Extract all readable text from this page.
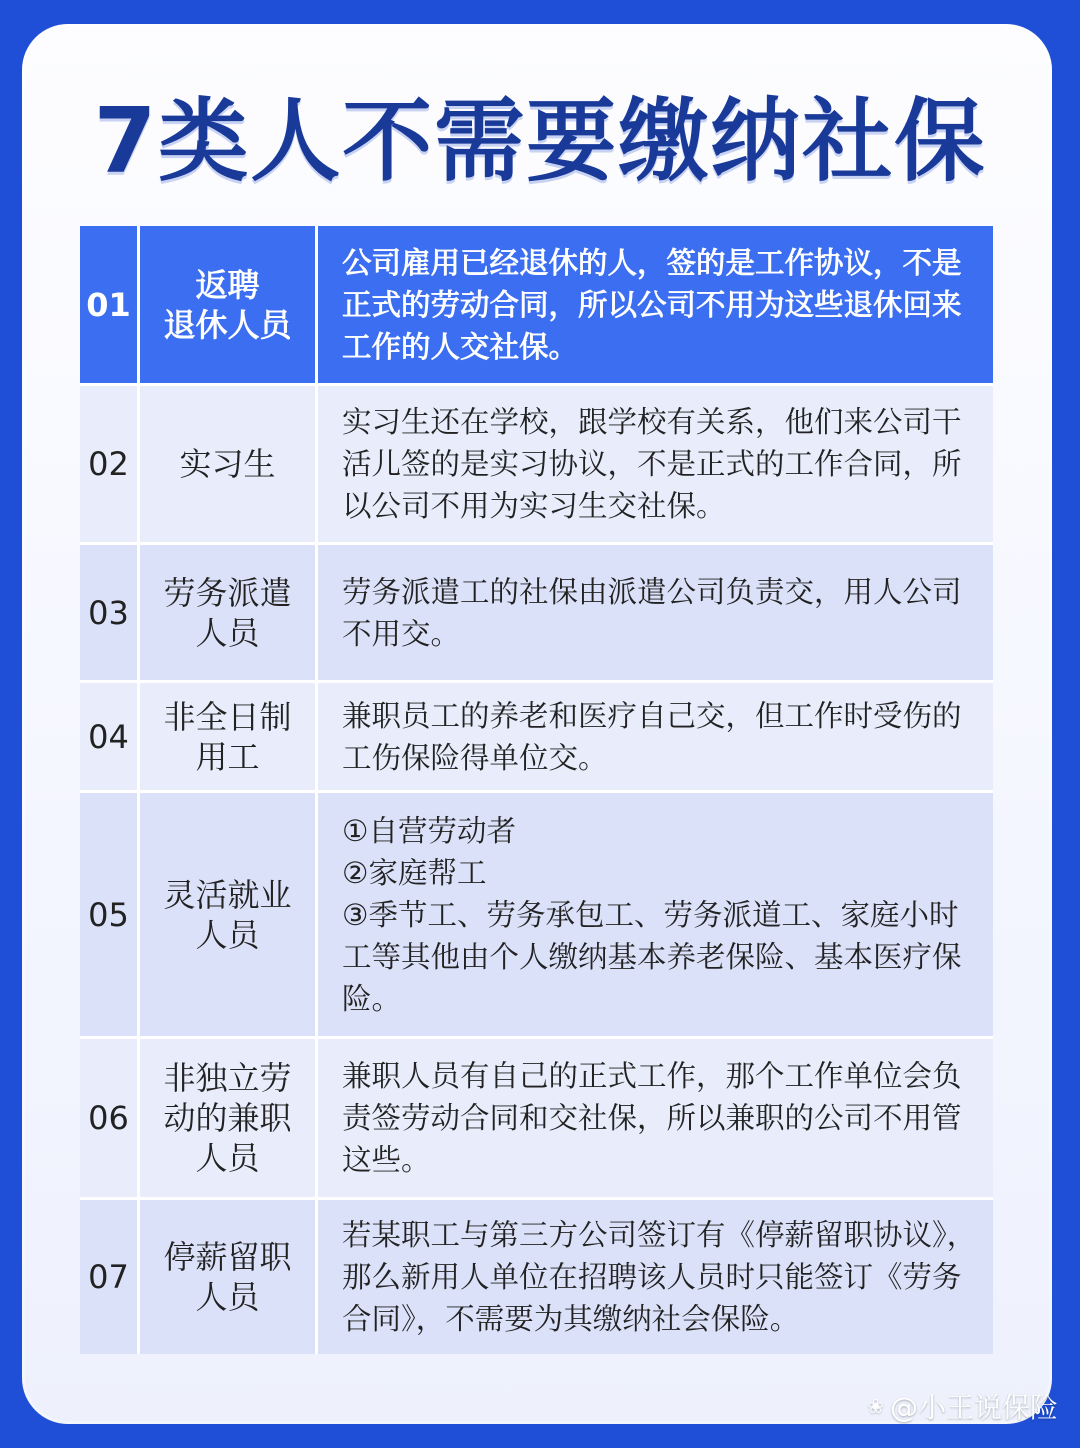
7类人不需要缴纳社保
01
返聘
退休人员
公司雇用已经退休的人，签的是工作协议，不是正式的劳动合同，所以公司不用为这些退休回来工作的人交社保。
02	实习生
实习生还在学校，跟学校有关系，他们来公司干活儿签的是实习协议，不是正式的工作合同，所以公司不用为实习生交社保。
03
劳务派遣
人员
劳务派遣工的社保由派遣公司负责交，用人公司不用交。
04
非全日制
用工
兼职员工的养老和医疗自己交，但工作时受伤的工伤保险得单位交。
05
灵活就业
人员
①自营劳动者
②家庭帮工
③季节工、劳务承包工、劳务派道工、家庭小时工等其他由个人缴纳基本养老保险、基本医疗保险。
06
非独立劳
动的兼职
人员
兼职人员有自己的正式工作，那个工作单位会负责签劳动合同和交社保，所以兼职的公司不用管这些。
07
停薪留职
人员
若某职工与第三方公司签订有《停薪留职协议》，那么新用人单位在招聘该人员时只能签订《劳务合同》，不需要为其缴纳社会保险。
❀ @小王说保险
